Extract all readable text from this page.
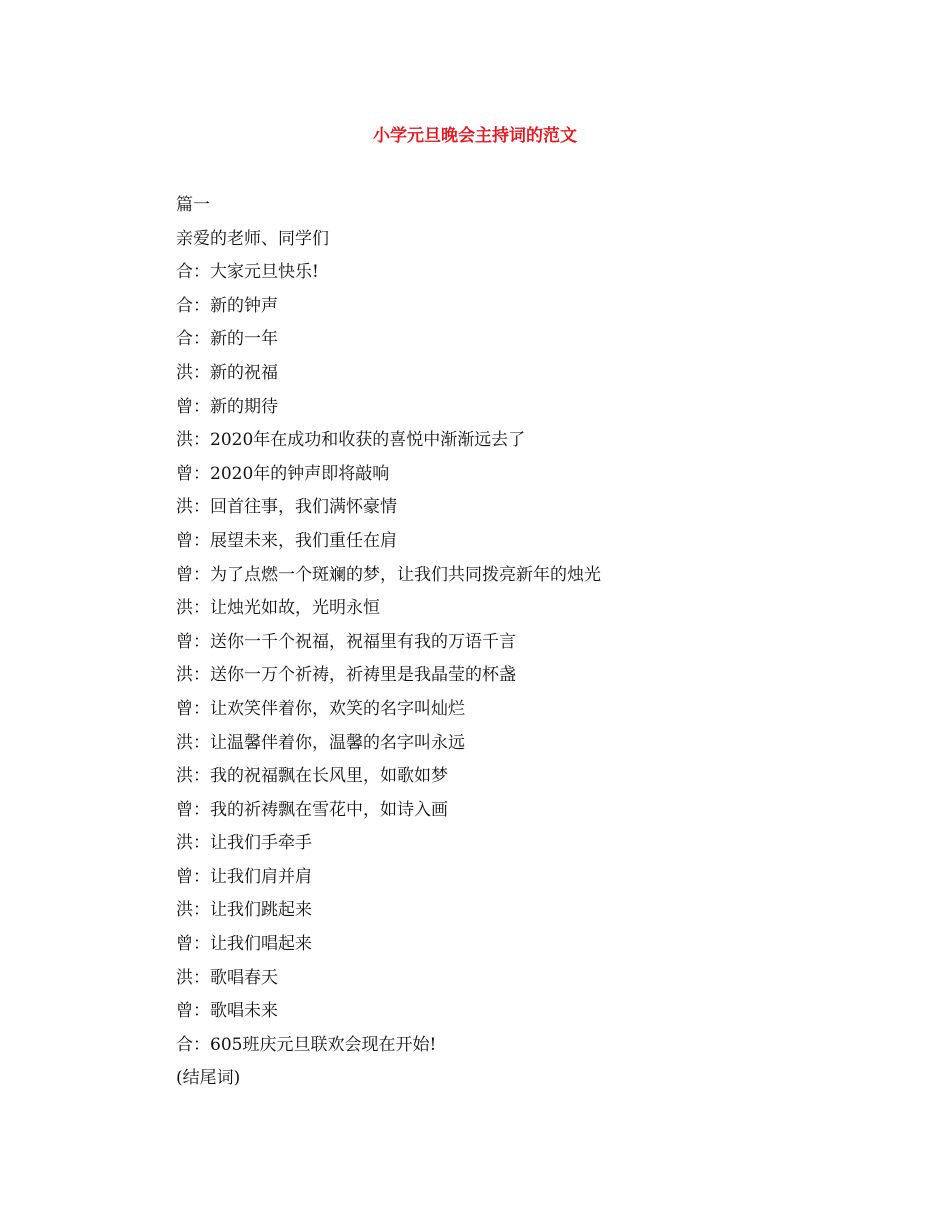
小学元旦晚会主持词的范文
篇一
亲爱的老师、同学们
合：大家元旦快乐!
合：新的钟声
合：新的一年
洪：新的祝福
曾：新的期待
洪：2020年在成功和收获的喜悦中渐渐远去了
曾：2020年的钟声即将敲响
洪：回首往事，我们满怀豪情
曾：展望未来，我们重任在肩
曾：为了点燃一个斑斓的梦，让我们共同拨亮新年的烛光
洪：让烛光如故，光明永恒
曾：送你一千个祝福，祝福里有我的万语千言
洪：送你一万个祈祷，祈祷里是我晶莹的杯盏
曾：让欢笑伴着你，欢笑的名字叫灿烂
洪：让温馨伴着你，温馨的名字叫永远
洪：我的祝福飘在长风里，如歌如梦
曾：我的祈祷飘在雪花中，如诗入画
洪：让我们手牵手
曾：让我们肩并肩
洪：让我们跳起来
曾：让我们唱起来
洪：歌唱春天
曾：歌唱未来
合：605班庆元旦联欢会现在开始!
(结尾词)
